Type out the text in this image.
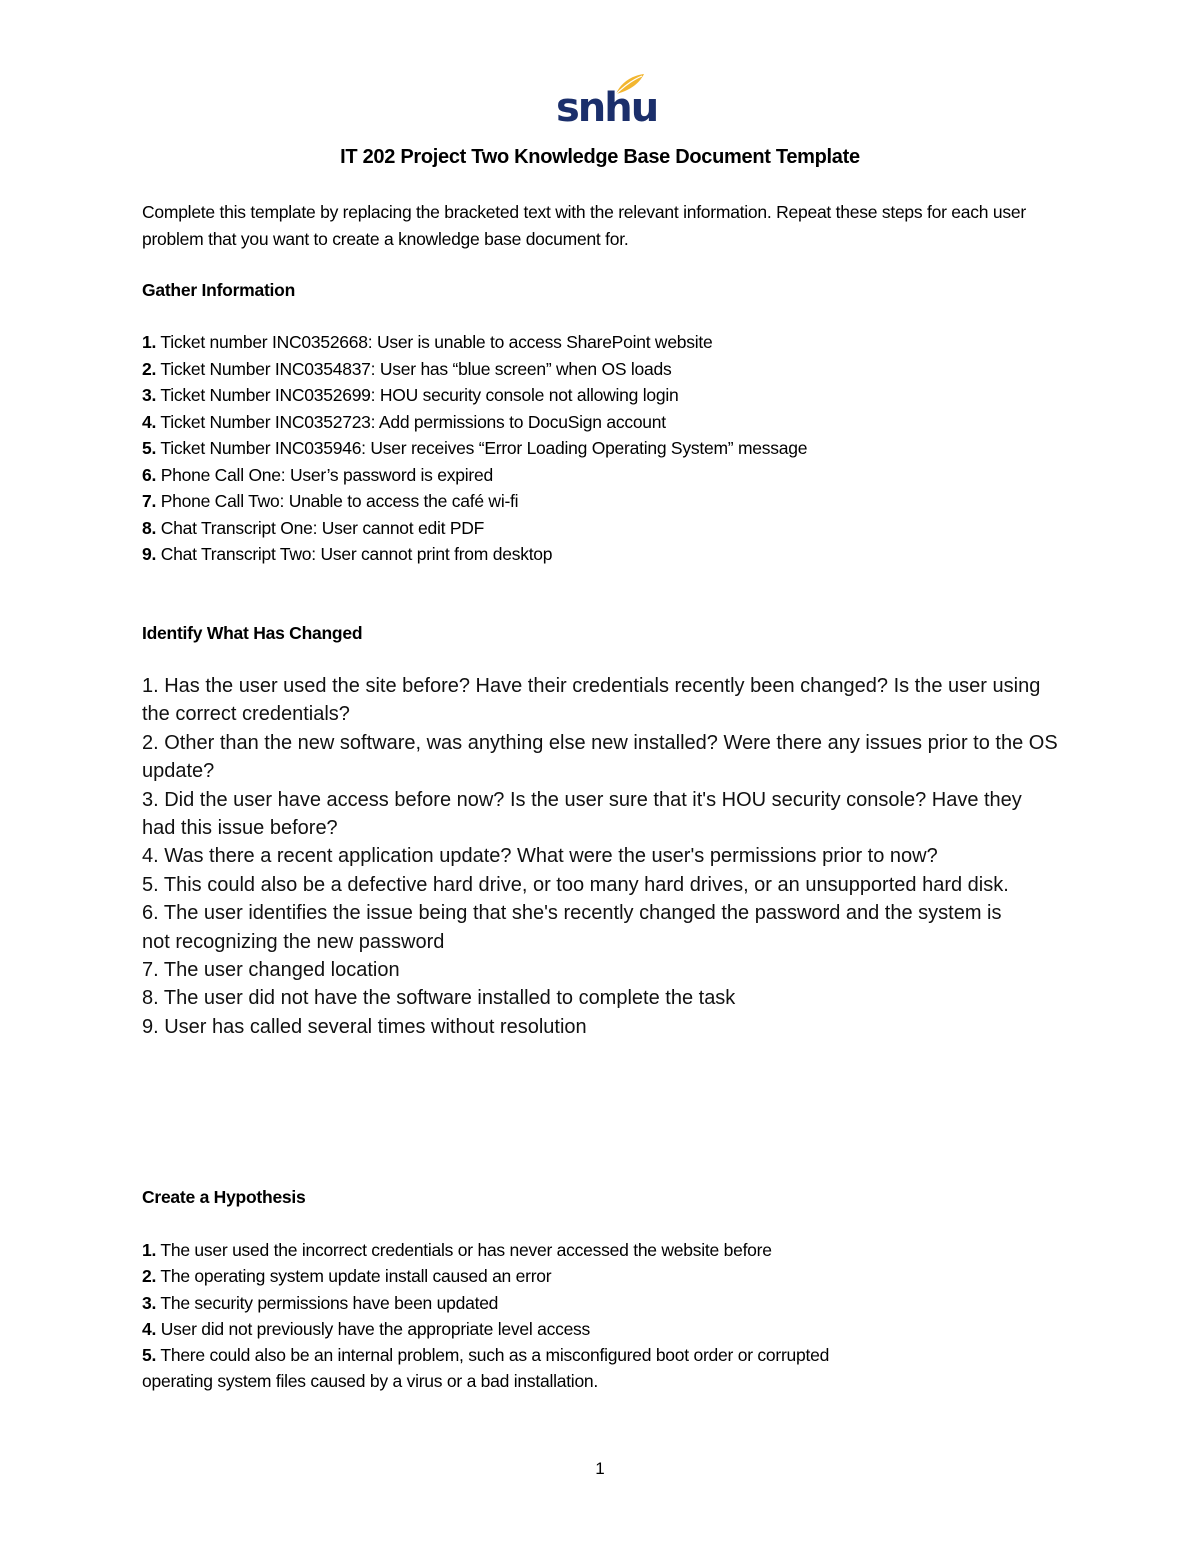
snhu
IT 202 Project Two Knowledge Base Document Template
Complete this template by replacing the bracketed text with the relevant information. Repeat these steps for each user problem that you want to create a knowledge base document for.
Gather Information
1. Ticket number INC0352668: User is unable to access SharePoint website
2. Ticket Number INC0354837: User has “blue screen” when OS loads
3. Ticket Number INC0352699: HOU security console not allowing login
4. Ticket Number INC0352723: Add permissions to DocuSign account
5. Ticket Number INC035946: User receives “Error Loading Operating System” message
6. Phone Call One: User’s password is expired
7. Phone Call Two: Unable to access the café wi-fi
8. Chat Transcript One: User cannot edit PDF
9. Chat Transcript Two: User cannot print from desktop
Identify What Has Changed
1. Has the user used the site before? Have their credentials recently been changed? Is the user using the correct credentials?
2. Other than the new software, was anything else new installed? Were there any issues prior to the OS update?
3. Did the user have access before now? Is the user sure that it's HOU security console? Have they
had this issue before?
4. Was there a recent application update? What were the user's permissions prior to now?
5. This could also be a defective hard drive, or too many hard drives, or an unsupported hard disk.
6. The user identifies the issue being that she's recently changed the password and the system is
not recognizing the new password
7. The user changed location
8. The user did not have the software installed to complete the task
9. User has called several times without resolution
Create a Hypothesis
1. The user used the incorrect credentials or has never accessed the website before
2. The operating system update install caused an error
3. The security permissions have been updated
4. User did not previously have the appropriate level access
5. There could also be an internal problem, such as a misconfigured boot order or corrupted
operating system files caused by a virus or a bad installation.
1
